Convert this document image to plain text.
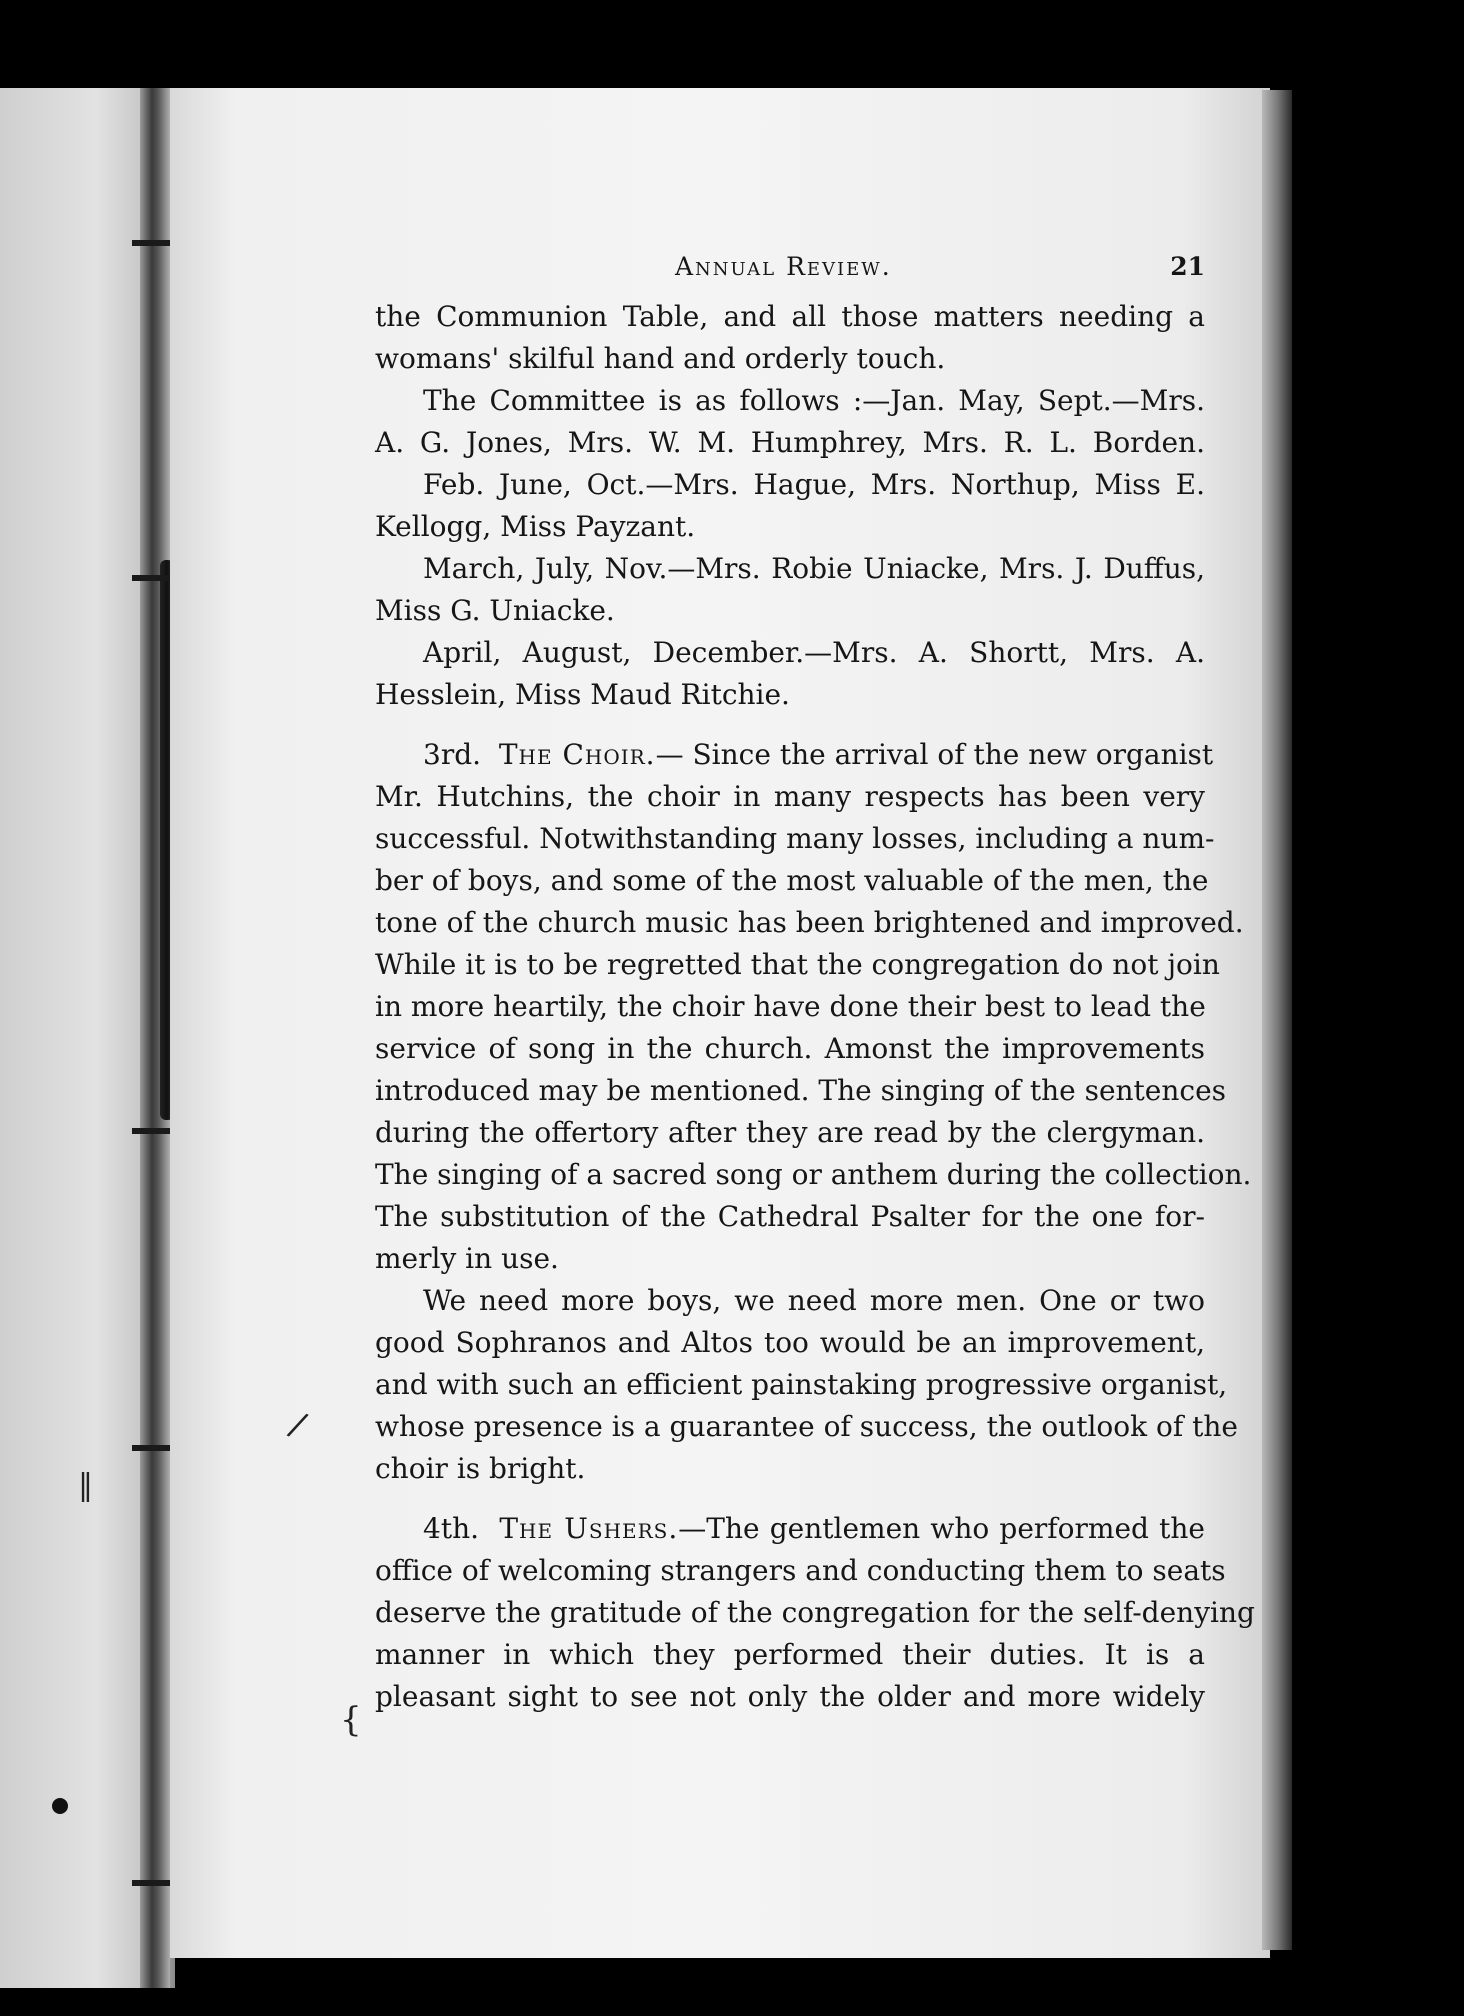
/
‖
{
Annual Review.	21

the Communion Table, and all those matters needing a
womans' skilful hand and orderly touch.

The Committee is as follows :—Jan. May, Sept.—Mrs.
A. G. Jones, Mrs. W. M. Humphrey, Mrs. R. L. Borden.

Feb. June, Oct.—Mrs. Hague, Mrs. Northup, Miss E.
Kellogg, Miss Payzant.

March, July, Nov.—Mrs. Robie Uniacke, Mrs. J. Duffus,
Miss G. Uniacke.

April, August, December.—Mrs. A. Shortt, Mrs. A.
Hesslein, Miss Maud Ritchie.

3rd. The Choir.— Since the arrival of the new organist
Mr. Hutchins, the choir in many respects has been very
successful. Notwithstanding many losses, including a num-
ber of boys, and some of the most valuable of the men, the
tone of the church music has been brightened and improved.
While it is to be regretted that the congregation do not join
in more heartily, the choir have done their best to lead the
service of song in the church. Amonst the improvements
introduced may be mentioned. The singing of the sentences
during the offertory after they are read by the clergyman.
The singing of a sacred song or anthem during the collection.
The substitution of the Cathedral Psalter for the one for-
merly in use.

We need more boys, we need more men. One or two
good Sophranos and Altos too would be an improvement,
and with such an efficient painstaking progressive organist,
whose presence is a guarantee of success, the outlook of the
choir is bright.

4th. The Ushers.—The gentlemen who performed the
office of welcoming strangers and conducting them to seats
deserve the gratitude of the congregation for the self-denying
manner in which they performed their duties. It is a
pleasant sight to see not only the older and more widely
